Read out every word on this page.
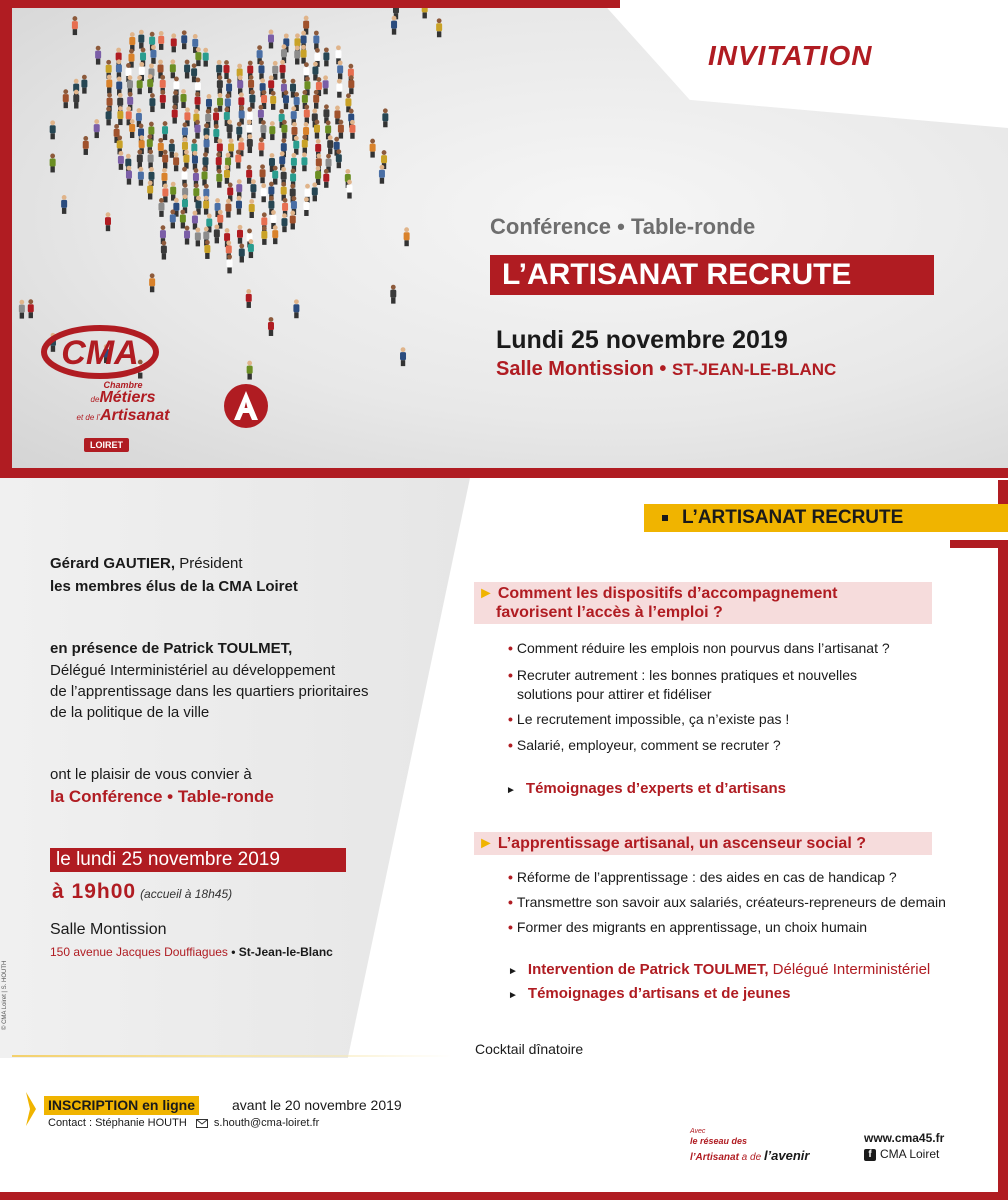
INVITATION
Conférence • Table-ronde
L’ARTISANAT RECRUTE
Lundi 25 novembre 2019
Salle Montission • ST-JEAN-LE-BLANC
CMA
Chambre
deMétiers
et de l’Artisanat
LOIRET
© CMA Loiret | S. HOUTH
Gérard GAUTIER, Président
les membres élus de la CMA Loiret
en présence de Patrick TOULMET,
Délégué Interministériel au développement
de l’apprentissage dans les quartiers prioritaires
de la politique de la ville
ont le plaisir de vous convier à
la Conférence • Table-ronde
le lundi 25 novembre 2019
à 19h00 (accueil à 18h45)
Salle Montission
150 avenue Jacques Douffiagues • St-Jean-le-Blanc
L’ARTISANAT RECRUTE
► Comment les dispositifs d’accompagnement
favorisent l’accès à l’emploi ?
• Comment réduire les emplois non pourvus dans l’artisanat ?
• Recruter autrement : les bonnes pratiques et nouvelles
solutions pour attirer et fidéliser
• Le recrutement impossible, ça n’existe pas !
• Salarié, employeur, comment se recruter ?
► Témoignages d’experts et d’artisans
► L’apprentissage artisanal, un ascenseur social ?
• Réforme de l’apprentissage : des aides en cas de handicap ?
• Transmettre son savoir aux salariés, créateurs-repreneurs de demain
• Former des migrants en apprentissage, un choix humain
► Intervention de Patrick TOULMET, Délégué Interministériel
► Témoignages d’artisans et de jeunes
Cocktail dînatoire
INSCRIPTION en ligne	avant le 20 novembre 2019
Contact : Stéphanie HOUTH s.houth@cma-loiret.fr
Avec
le réseau des
l’Artisanat a de l’avenir
www.cma45.fr
f CMA Loiret
